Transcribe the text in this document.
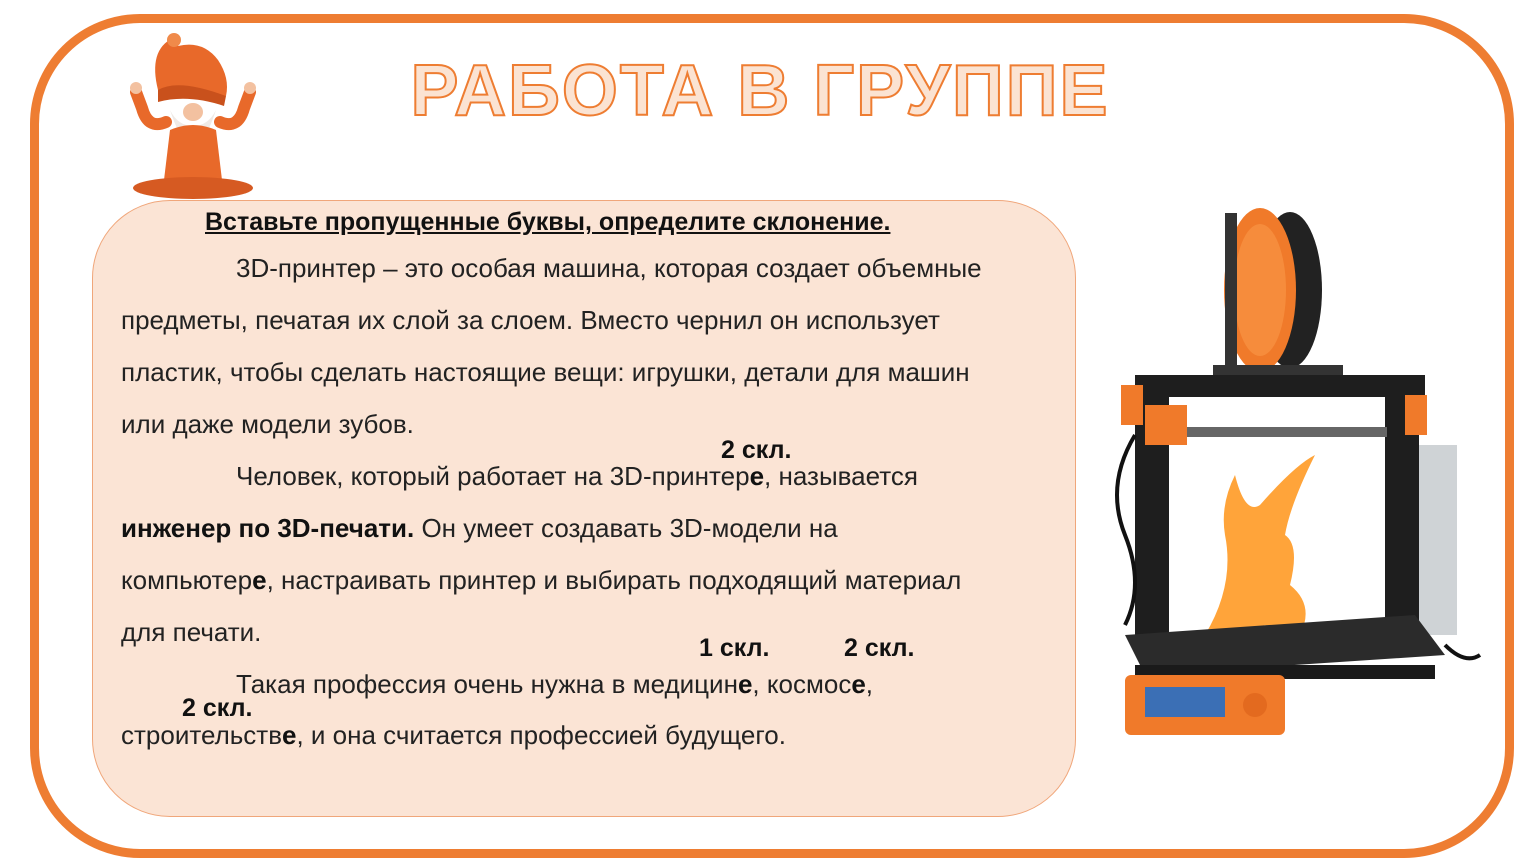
РАБОТА В ГРУППЕ
Вставьте пропущенные буквы, определите склонение.
3D-принтер – это особая машина, которая создает объемные
предметы, печатая их слой за слоем. Вместо чернил он использует
пластик, чтобы сделать настоящие вещи: игрушки, детали для машин
или даже модели зубов.
2 скл.
Человек, который работает на 3D-принтере, называется
инженер по 3D-печати. Он умеет создавать 3D-модели на
компьютере, настраивать принтер и выбирать подходящий материал
для печати.
1 скл.	2 скл.
Такая профессия очень нужна в медицине, космосе,
2 скл.
строительстве, и она считается профессией будущего.
